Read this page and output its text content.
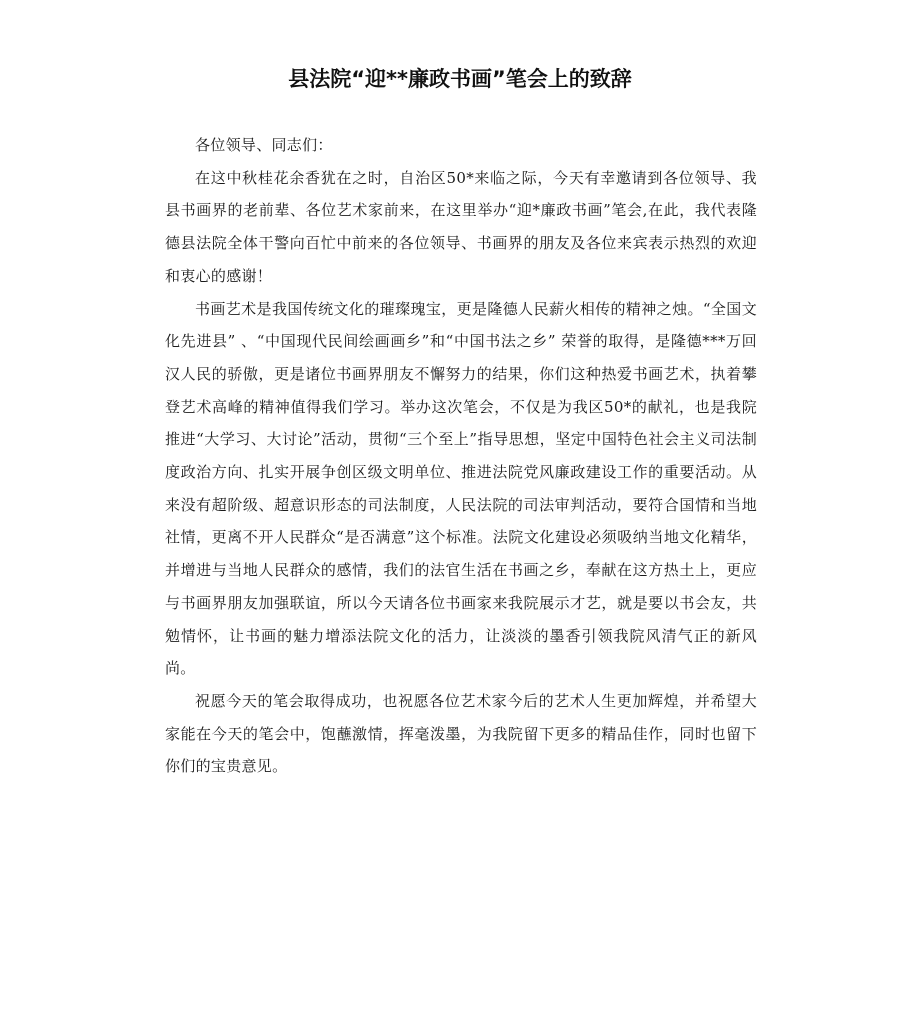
县法院“迎**廉政书画”笔会上的致辞

各位领导、同志们：

在这中秋桂花余香犹在之时，自治区50*来临之际，今天有幸邀请到各位领导、我县书画界的老前辈、各位艺术家前来，在这里举办“迎*廉政书画”笔会,在此，我代表隆德县法院全体干警向百忙中前来的各位领导、书画界的朋友及各位来宾表示热烈的欢迎和衷心的感谢！

书画艺术是我国传统文化的璀璨瑰宝，更是隆德人民薪火相传的精神之烛。“全国文化先进县” 、“中国现代民间绘画画乡”和“中国书法之乡” 荣誉的取得，是隆德***万回汉人民的骄傲，更是诸位书画界朋友不懈努力的结果，你们这种热爱书画艺术，执着攀登艺术高峰的精神值得我们学习。举办这次笔会，不仅是为我区50*的献礼，也是我院推进“大学习、大讨论”活动，贯彻“三个至上”指导思想，坚定中国特色社会主义司法制度政治方向、扎实开展争创区级文明单位、推进法院党风廉政建设工作的重要活动。从来没有超阶级、超意识形态的司法制度，人民法院的司法审判活动，要符合国情和当地社情，更离不开人民群众“是否满意”这个标准。法院文化建设必须吸纳当地文化精华，并增进与当地人民群众的感情，我们的法官生活在书画之乡，奉献在这方热土上，更应与书画界朋友加强联谊，所以今天请各位书画家来我院展示才艺，就是要以书会友，共勉情怀，让书画的魅力增添法院文化的活力，让淡淡的墨香引领我院风清气正的新风尚。

祝愿今天的笔会取得成功，也祝愿各位艺术家今后的艺术人生更加辉煌，并希望大家能在今天的笔会中，饱蘸激情，挥毫泼墨，为我院留下更多的精品佳作，同时也留下你们的宝贵意见。
